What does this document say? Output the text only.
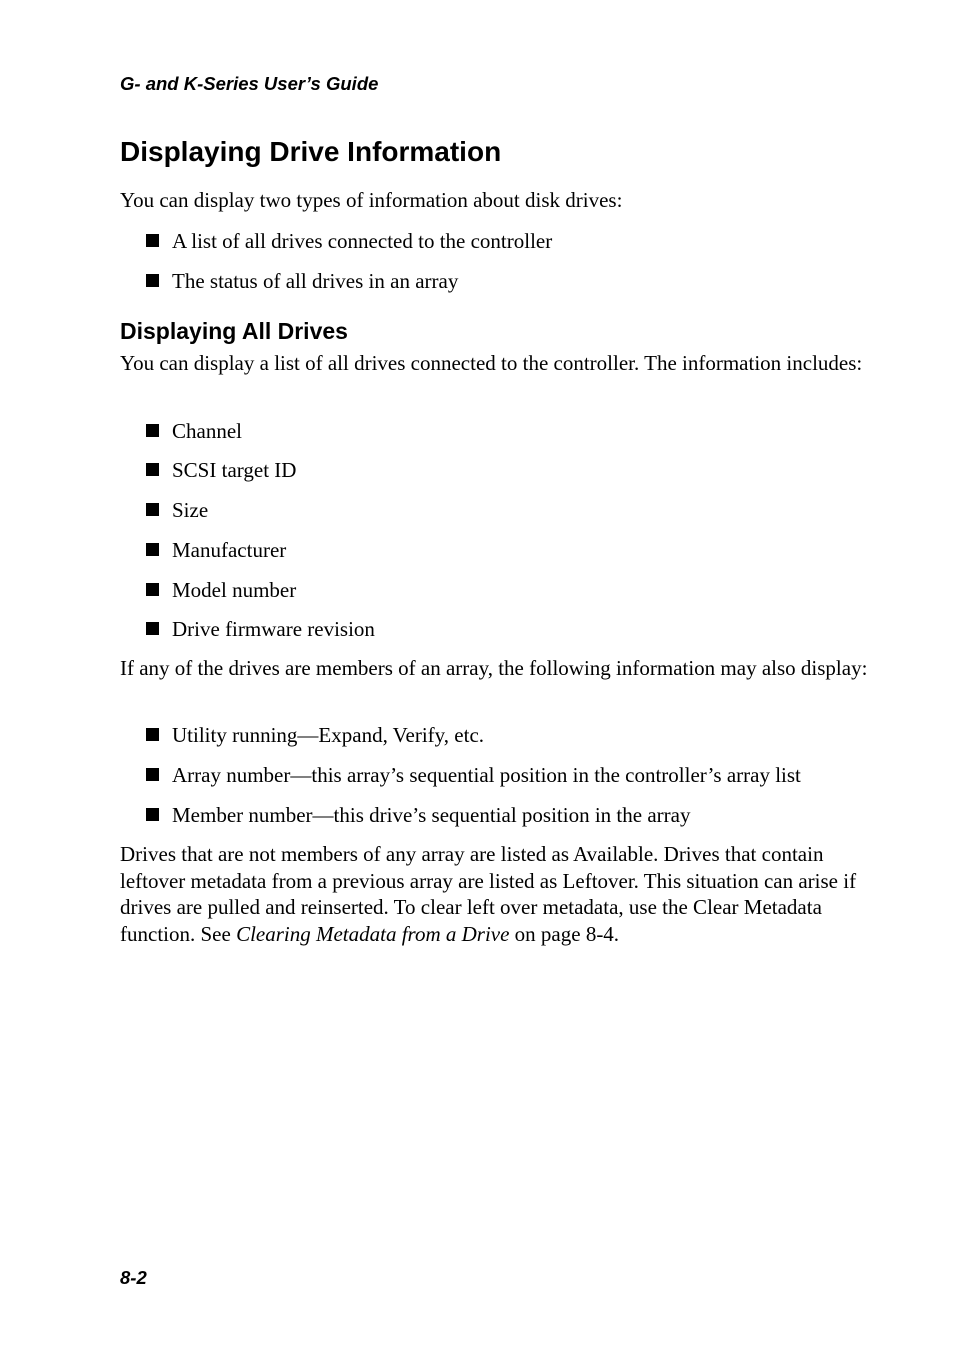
G- and K-Series User’s Guide
Displaying Drive Information

You can display two types of information about disk drives:

A list of all drives connected to the controller

The status of all drives in an array

Displaying All Drives

You can display a list of all drives connected to the controller. The information includes:

Channel

SCSI target ID

Size

Manufacturer

Model number

Drive firmware revision

If any of the drives are members of an array, the following information may also display:

Utility running—Expand, Verify, etc.

Array number—this array’s sequential position in the controller’s array list

Member number—this drive’s sequential position in the array

Drives that are not members of any array are listed as Available. Drives that contain leftover metadata from a previous array are listed as Leftover. This situation can arise if drives are pulled and reinserted. To clear left over metadata, use the Clear Metadata function. See Clearing Metadata from a Drive on page 8-4.

8-2
